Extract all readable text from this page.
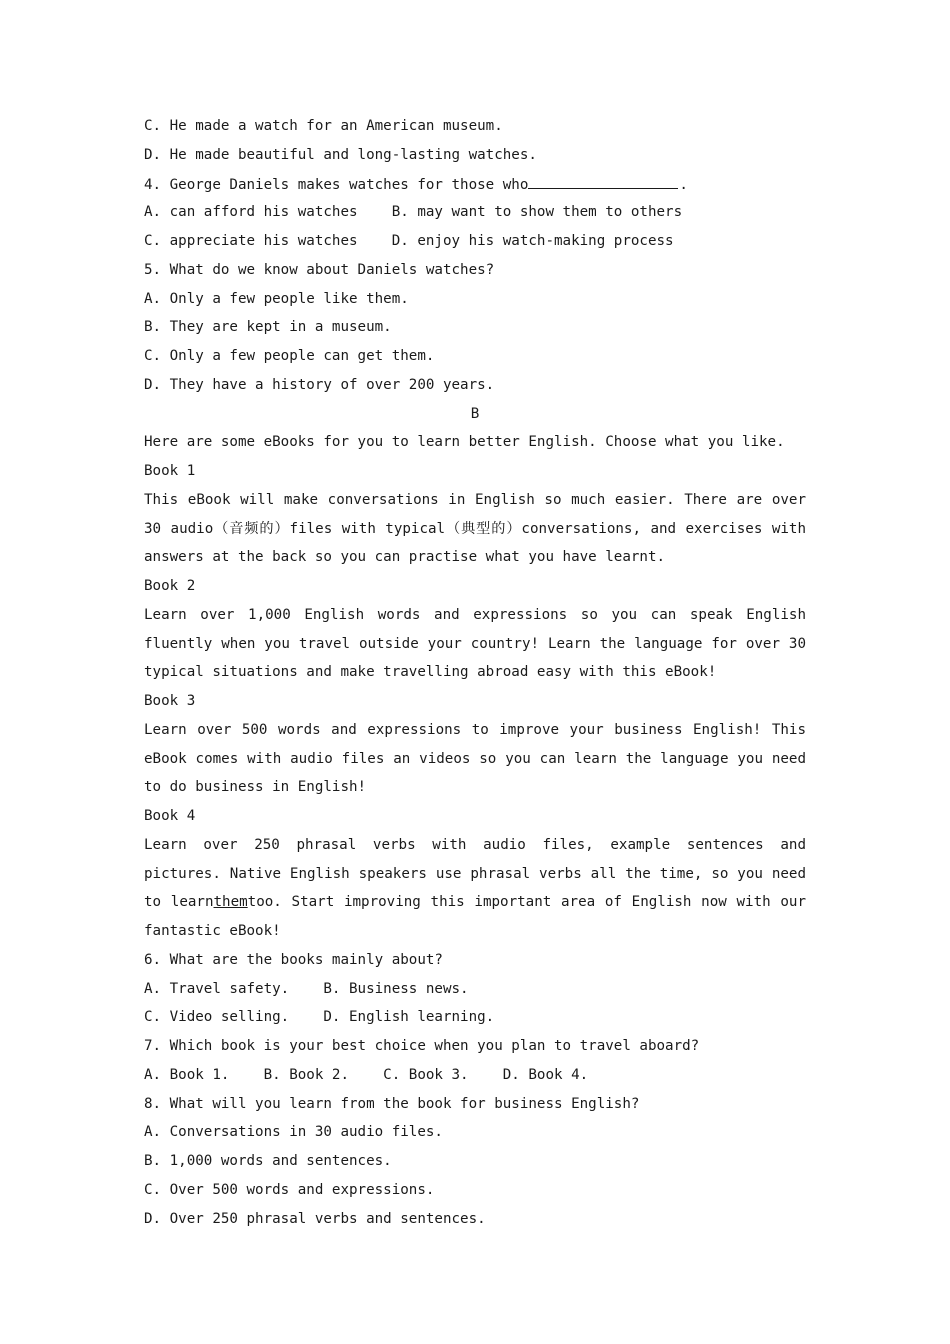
C. He made a watch for an American museum.
D. He made beautiful and long-lasting watches.
4. George Daniels makes watches for those who	.
A. can afford his watches    B. may want to show them to others
C. appreciate his watches    D. enjoy his watch-making process
5. What do we know about Daniels watches?
A. Only a few people like them.
B. They are kept in a museum.
C. Only a few people can get them.
D. They have a history of over 200 years.
B
Here are some eBooks for you to learn better English. Choose what you like.
Book 1
This eBook will make conversations in English so much easier. There are over 30 audio（音频的）files with typical（典型的）conversations, and exercises with answers at the back so you can practise what you have learnt.
Book 2
Learn over 1,000 English words and expressions so you can speak English fluently when you travel outside your country! Learn the language for over 30 typical situations and make travelling abroad easy with this eBook!
Book 3
Learn over 500 words and expressions to improve your business English! This eBook comes with audio files an videos so you can learn the language you need to do business in English!
Book 4
Learn over 250 phrasal verbs with audio files, example sentences and pictures. Native English speakers use phrasal verbs all the time, so you need to learnthemtoo. Start improving this important area of English now with our fantastic eBook!
6. What are the books mainly about?
A. Travel safety.    B. Business news.
C. Video selling.    D. English learning.
7. Which book is your best choice when you plan to travel aboard?
A. Book 1.    B. Book 2.    C. Book 3.    D. Book 4.
8. What will you learn from the book for business English?
A. Conversations in 30 audio files.
B. 1,000 words and sentences.
C. Over 500 words and expressions.
D. Over 250 phrasal verbs and sentences.
